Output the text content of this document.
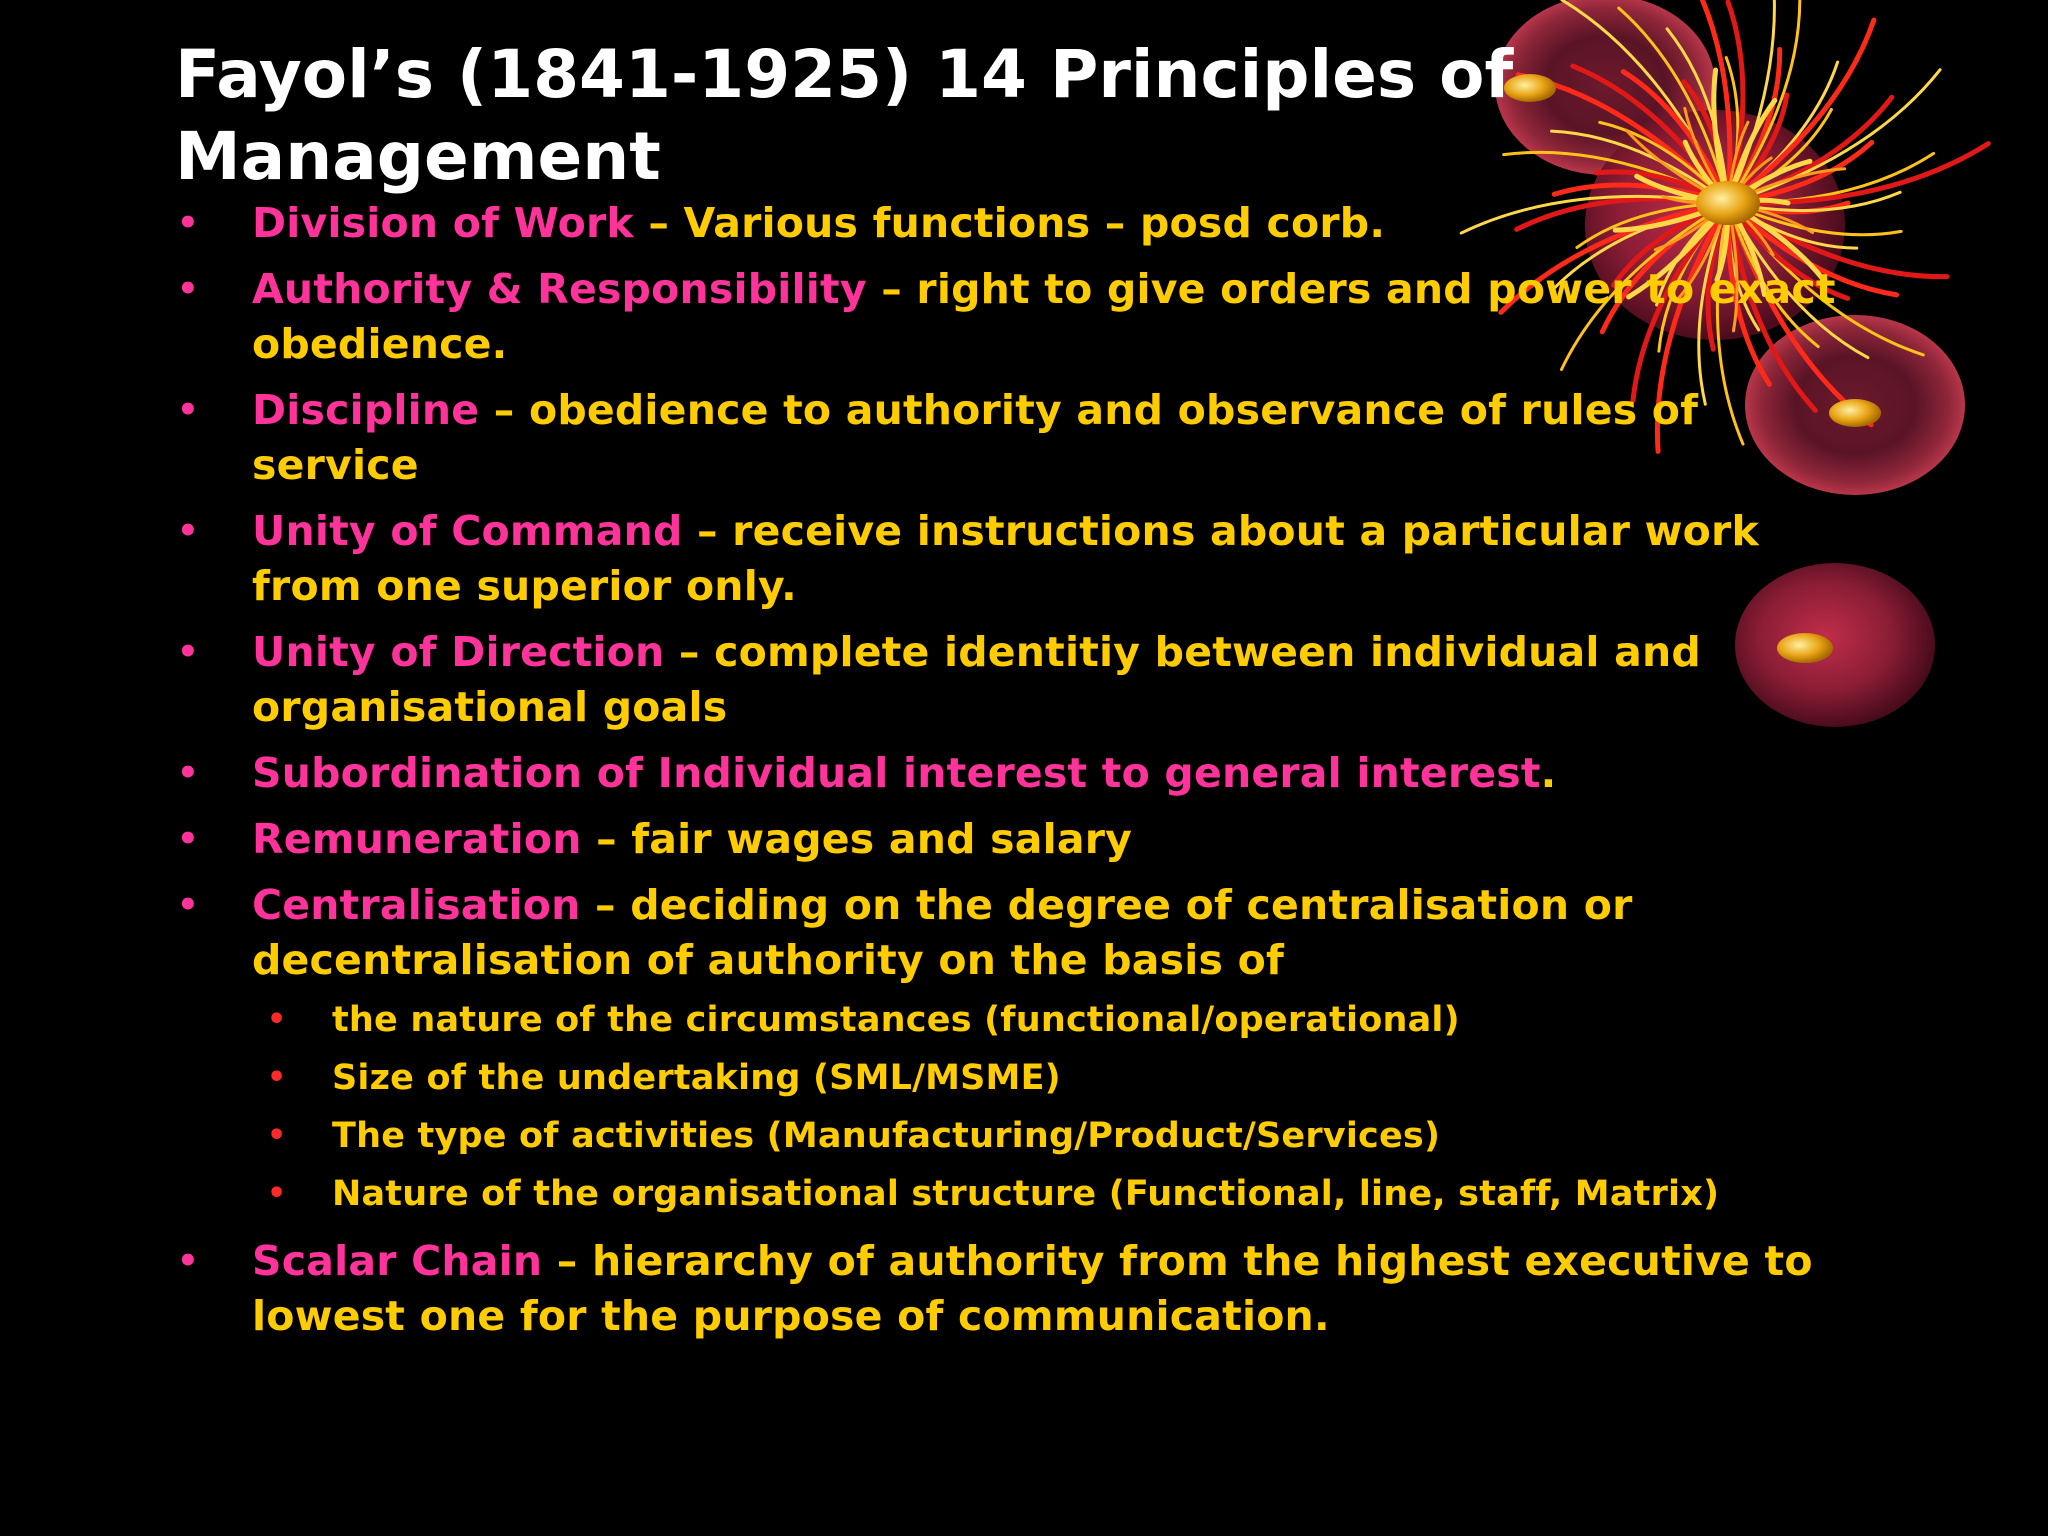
Fayol’s (1841-1925) 14 Principles of
Management
• Division of Work – Various functions – posd corb.
• Authority & Responsibility – right to give orders and power to exact obedience.
• Discipline – obedience to authority and observance of rules of service
• Unity of Command – receive instructions about a particular work from one superior only.
• Unity of Direction – complete identitiy between individual and organisational goals
• Subordination of Individual interest to general interest.
• Remuneration – fair wages and salary
• Centralisation – deciding on the degree of centralisation or decentralisation of authority on the basis of
• the nature of the circumstances (functional/operational)
• Size of the undertaking (SML/MSME)
• The type of activities (Manufacturing/Product/Services)
• Nature of the organisational structure (Functional, line, staff, Matrix)
• Scalar Chain – hierarchy of authority from the highest executive to lowest one for the purpose of communication.
